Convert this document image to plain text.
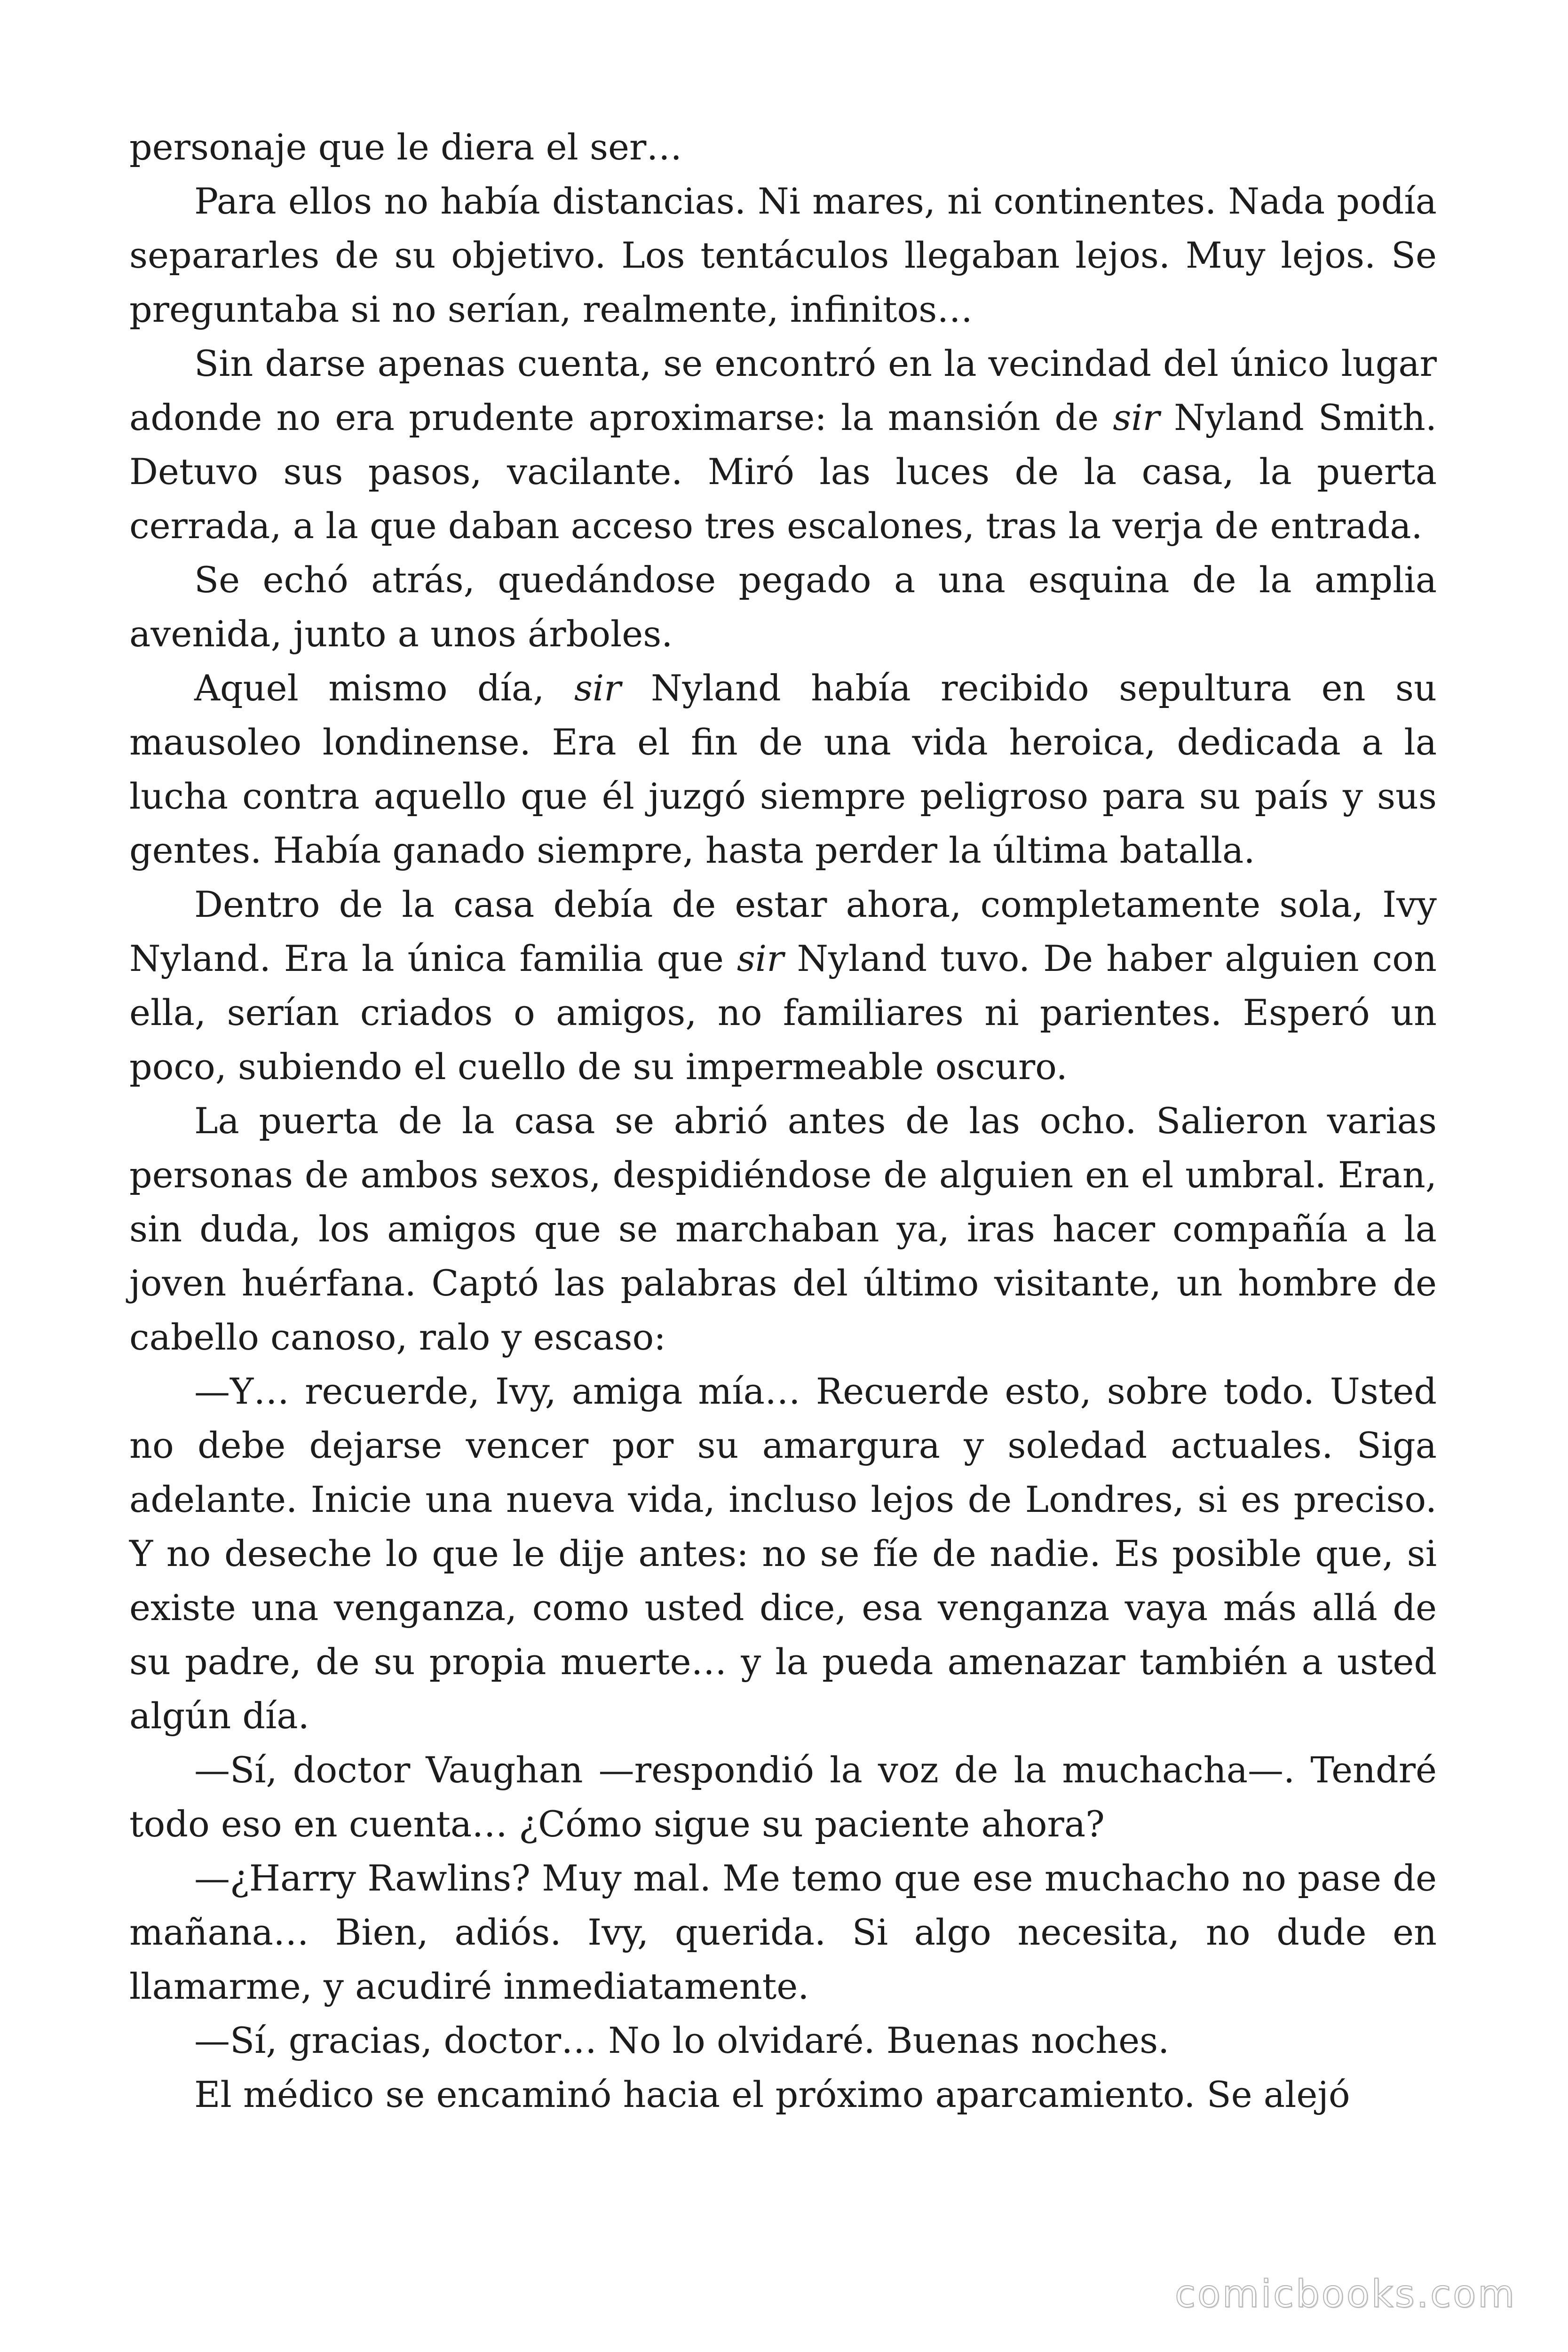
personaje que le diera el ser…

Para ellos no había distancias. Ni mares, ni continentes. Nada podía separarles de su objetivo. Los tentáculos llegaban lejos. Muy lejos. Se preguntaba si no serían, realmente, infinitos…

Sin darse apenas cuenta, se encontró en la vecindad del único lugar adonde no era prudente aproximarse: la mansión de sir Nyland Smith. Detuvo sus pasos, vacilante. Miró las luces de la casa, la puerta cerrada, a la que daban acceso tres escalones, tras la verja de entrada.

Se echó atrás, quedándose pegado a una esquina de la amplia avenida, junto a unos árboles.

Aquel mismo día, sir Nyland había recibido sepultura en su mausoleo londinense. Era el fin de una vida heroica, dedicada a la lucha contra aquello que él juzgó siempre peligroso para su país y sus gentes. Había ganado siempre, hasta perder la última batalla.

Dentro de la casa debía de estar ahora, completamente sola, Ivy Nyland. Era la única familia que sir Nyland tuvo. De haber alguien con ella, serían criados o amigos, no familiares ni parientes. Esperó un poco, subiendo el cuello de su impermeable oscuro.

La puerta de la casa se abrió antes de las ocho. Salieron varias personas de ambos sexos, despidiéndose de alguien en el umbral. Eran, sin duda, los amigos que se marchaban ya, iras hacer compañía a la joven huérfana. Captó las palabras del último visitante, un hombre de cabello canoso, ralo y escaso:

—Y… recuerde, Ivy, amiga mía… Recuerde esto, sobre todo. Usted no debe dejarse vencer por su amargura y soledad actuales. Siga adelante. Inicie una nueva vida, incluso lejos de Londres, si es preciso. Y no deseche lo que le dije antes: no se fíe de nadie. Es posible que, si existe una venganza, como usted dice, esa venganza vaya más allá de su padre, de su propia muerte… y la pueda amenazar también a usted algún día.

—Sí, doctor Vaughan —respondió la voz de la muchacha—. Tendré todo eso en cuenta… ¿Cómo sigue su paciente ahora?

—¿Harry Rawlins? Muy mal. Me temo que ese muchacho no pase de mañana… Bien, adiós. Ivy, querida. Si algo necesita, no dude en llamarme, y acudiré inmediatamente.

—Sí, gracias, doctor… No lo olvidaré. Buenas noches.

El médico se encaminó hacia el próximo aparcamiento. Se alejó

comicbooks.com
